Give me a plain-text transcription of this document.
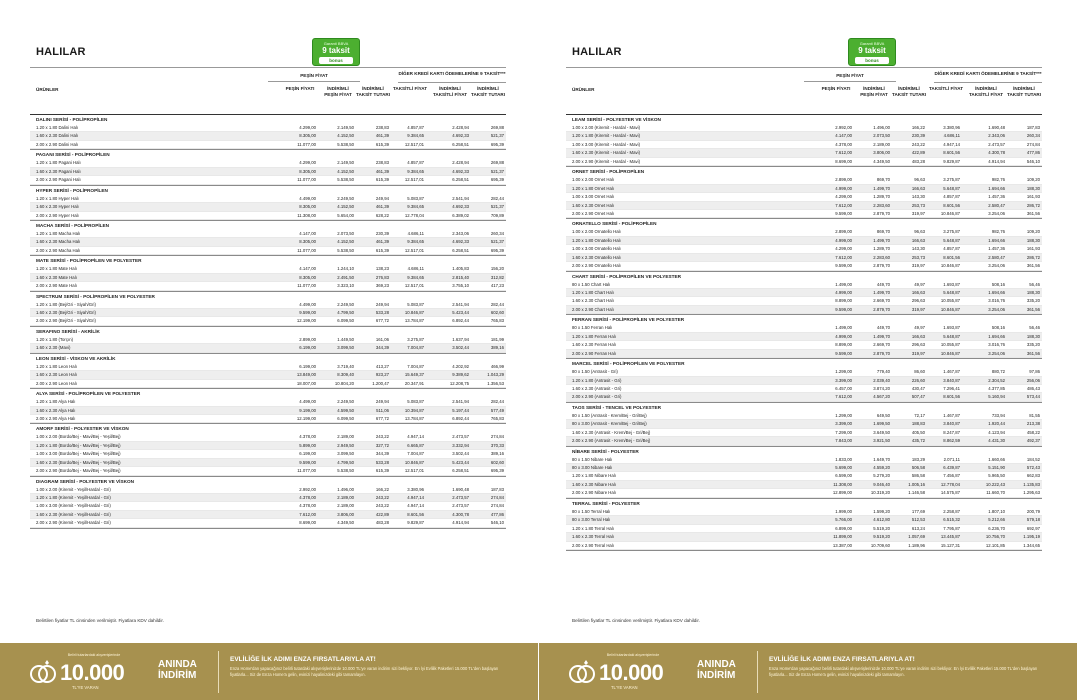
HALILAR
Garanti BBVA
9 taksit
bonus
ÜRÜNLER
PEŞİN FİYAT	DİĞER KREDİ KARTI ÖDEMELERİNE 9 TAKSİT***
PEŞİN FİYATI	İNDİRİMLİ PEŞİN FİYAT
İNDİRİMLİ TAKSİT TUTARI
TAKSİTLİ FİYAT	İNDİRİMLİ TAKSİTLİ FİYAT
İNDİRİMLİ TAKSİT TUTARI
DALINI SERİSİ - POLİPROPİLEN
1.20 x 1.80 Dalini Halı	4.299,00	2.149,50	238,83	4.857,87	2.428,94	269,88
1.60 x 2.30 Dalini Halı	8.305,00	4.152,50	461,39	9.384,65	4.692,33	521,37
2.00 x 2.90 Dalini Halı	11.077,00	5.538,50	615,39	12.517,01	6.258,51	695,39
PAGANI SERİSİ - POLİPROPİLEN
1.20 x 1.80 Pagani Halı	4.299,00	2.149,50	238,83	4.857,87	2.428,94	269,88
1.60 x 2.30 Pagani Halı	8.305,00	4.152,50	461,39	9.384,65	4.692,33	521,37
2.00 x 2.90 Pagani Halı	11.077,00	5.538,50	615,39	12.517,01	6.258,51	695,39
HYPER SERİSİ - POLİPROPİLEN
1.20 x 1.80 Hyper Halı	4.499,00	2.249,50	249,94	5.083,87	2.541,94	282,44
1.60 x 2.30 Hyper Halı	8.305,00	4.152,50	461,39	9.384,65	4.692,33	521,37
2.00 x 2.90 Hyper Halı	11.308,00	5.654,00	628,22	12.778,04	6.389,02	709,89
MACHA SERİSİ - POLİPROPİLEN
1.20 x 1.80 Macha Halı	4.147,00	2.073,50	230,39	4.686,11	2.343,06	260,34
1.60 x 2.30 Macha Halı	8.305,00	4.152,50	461,39	9.384,65	4.692,33	521,37
2.00 x 2.90 Macha Halı	11.077,00	5.538,50	615,39	12.517,01	6.258,51	695,39
MATE SERİSİ - POLİPROPİLEN VE POLYESTER
1.20 x 1.80 Mate Halı	4.147,00	1.244,10	138,23	4.686,11	1.405,83	156,20
1.60 x 2.30 Mate Halı	8.305,00	2.491,50	276,83	9.384,65	2.815,40	312,82
2.00 x 2.90 Mate Halı	11.077,00	3.323,10	369,23	12.517,01	3.755,10	417,23
SPECTRUM SERİSİ - POLİPROPİLEN VE POLYESTER
1.20 x 1.80 (Bej/Gri - Siyah/Gri)	4.499,00	2.249,50	249,94	5.083,87	2.541,94	282,44
1.60 x 2.30 (Bej/Gri - Siyah/Gri)	9.599,00	4.799,50	533,28	10.846,87	5.423,44	602,60
2.00 x 2.90 (Bej/Gri - Siyah/Gri)	12.199,00	6.099,50	677,72	13.784,87	6.892,44	765,83
SERAFINO SERİSİ - AKRİLİK
1.20 x 1.80 (Torçın)	2.899,00	1.449,50	161,06	3.275,87	1.637,94	181,99
1.60 x 2.30 (Mavi)	6.199,00	3.099,50	344,39	7.004,87	3.502,44	389,16
LEON SERİSİ - VİSKON VE AKRİLİK
1.20 x 1.80 Leon Halı	6.199,00	3.719,40	413,27	7.004,87	4.202,92	466,99
1.60 x 2.30 Leon Halı	13.849,00	8.309,40	923,27	15.649,37	9.389,62	1.043,29
2.00 x 2.90 Leon Halı	18.007,00	10.804,20	1.200,47	20.347,91	12.208,75	1.356,53
ALYA SERİSİ - POLİPROPİLEN VE POLYESTER
1.20 x 1.80 Alya Halı	4.499,00	2.249,50	249,94	5.083,87	2.541,94	282,44
1.60 x 2.30 Alya Halı	9.199,00	4.599,50	511,06	10.394,87	5.197,44	577,49
2.00 x 2.90 Alya Halı	12.199,00	6.099,50	677,72	13.784,87	6.892,44	765,83
AMORF SERİSİ - POLYESTER VE VİSKON
1.00 x 2.00 (Bordo/Bej - Mavi/Bej - Yeşil/Bej)	4.378,00	2.189,00	243,22	4.947,14	2.473,57	274,84
1.20 x 1.80 (Bordo/Bej - Mavi/Bej - Yeşil/Bej)	5.899,00	2.949,50	327,72	6.665,87	3.332,94	370,33
1.00 x 3.00 (Bordo/Bej - Mavi/Bej - Yeşil/Bej)	6.199,00	3.099,50	344,39	7.004,87	3.502,44	389,16
1.60 x 2.30 (Bordo/Bej - Mavi/Bej - Yeşil/Bej)	9.599,00	4.799,50	533,28	10.846,87	5.423,44	602,60
2.00 x 2.90 (Bordo/Bej - Mavi/Bej - Yeşil/Bej)	11.077,00	5.538,50	615,39	12.517,01	6.258,51	695,39
DIAGRAM SERİSİ - POLYESTER VE VİSKON
1.00 x 2.00 (Kiremit - Yeşil/Hardal - Gri)	2.992,00	1.496,00	166,22	3.380,96	1.690,48	187,83
1.20 x 1.80 (Kiremit - Yeşil/Hardal - Gri)	4.378,00	2.189,00	243,22	4.947,14	2.473,57	274,84
1.00 x 3.00 (Kiremit - Yeşil/Hardal - Gri)	4.378,00	2.189,00	243,22	4.947,14	2.473,57	274,84
1.60 x 2.30 (Kiremit - Yeşil/Hardal - Gri)	7.612,00	3.806,00	422,89	8.601,56	4.300,78	477,86
2.00 x 2.90 (Kiremit - Yeşil/Hardal - Gri)	8.699,00	4.349,50	483,28	9.829,87	4.914,94	546,10
Belirtilen fiyatlar TL cinsinden verilmiştir. Fiyatlara KDV dahildir.
HALILAR
Garanti BBVA
9 taksit
bonus
ÜRÜNLER
PEŞİN FİYAT	DİĞER KREDİ KARTI ÖDEMELERİNE 9 TAKSİT***
PEŞİN FİYATI	İNDİRİMLİ PEŞİN FİYAT
İNDİRİMLİ TAKSİT TUTARI
TAKSİTLİ FİYAT	İNDİRİMLİ TAKSİTLİ FİYAT
İNDİRİMLİ TAKSİT TUTARI
LEAM SERİSİ - POLYESTER VE VİSKON
1.00 x 2.00 (Kiremit - Hardal - Mavi)	2.992,00	1.496,00	166,22	3.380,96	1.690,48	187,83
1.20 x 1.80 (Kiremit - Hardal - Mavi)	4.147,00	2.073,50	230,39	4.686,11	2.343,06	260,34
1.00 x 3.00 (Kiremit - Hardal - Mavi)	4.378,00	2.189,00	243,22	4.947,14	2.473,57	274,84
1.60 x 2.30 (Kiremit - Hardal - Mavi)	7.612,00	3.806,00	422,89	8.601,56	4.300,78	477,86
2.00 x 2.90 (Kiremit - Hardal - Mavi)	8.699,00	4.349,50	483,28	9.829,87	4.914,94	546,10
ORNET SERİSİ - POLİPROPİLEN
1.00 x 2.00 Ornet Halı	2.899,00	869,70	96,63	3.275,87	982,76	109,20
1.20 x 1.80 Ornet Halı	4.999,00	1.499,70	166,63	5.648,87	1.694,66	188,30
1.00 x 3.00 Ornet Halı	4.299,00	1.289,70	143,30	4.857,87	1.457,36	161,93
1.60 x 2.30 Ornet Halı	7.612,00	2.283,60	253,73	8.601,56	2.580,47	286,72
2.00 x 2.90 Ornet Halı	9.599,00	2.879,70	319,97	10.846,87	3.254,06	361,56
ORNATELLO SERİSİ - POLİPROPİLEN
1.00 x 2.00 Ornatello Halı	2.899,00	869,70	96,63	3.275,87	982,76	109,20
1.20 x 1.80 Ornatello Halı	4.999,00	1.499,70	166,63	5.648,87	1.694,66	188,30
1.00 x 3.00 Ornatello Halı	4.299,00	1.289,70	143,30	4.857,87	1.457,36	161,93
1.60 x 2.30 Ornatello Halı	7.612,00	2.283,60	253,73	8.601,56	2.580,47	286,72
2.00 x 2.90 Ornatello Halı	9.599,00	2.879,70	319,97	10.846,87	3.254,06	361,56
CHART SERİSİ - POLİPROPİLEN VE POLYESTER
80 x 1.50 Chart Halı	1.499,00	449,70	49,97	1.693,87	508,16	56,46
1.20 x 1.80 Chart Halı	4.999,00	1.499,70	166,63	5.648,87	1.694,66	188,30
1.60 x 2.30 Chart Halı	8.899,00	2.669,70	296,63	10.055,87	3.016,76	335,20
2.00 x 2.90 Chart Halı	9.599,00	2.879,70	319,97	10.846,87	3.254,06	361,56
FERRAN SERİSİ - POLİPROPİLEN VE POLYESTER
80 x 1.50 Ferran Halı	1.499,00	449,70	49,97	1.693,87	508,16	56,46
1.20 x 1.80 Ferran Halı	4.999,00	1.499,70	166,63	5.648,87	1.694,66	188,30
1.60 x 2.30 Ferran Halı	8.899,00	2.669,70	296,63	10.055,87	3.016,76	335,20
2.00 x 2.90 Ferran Halı	9.599,00	2.879,70	319,97	10.846,87	3.254,06	361,56
MARCEL SERİSİ - POLİPROPİLEN VE POLYESTER
80 x 1.50 (Antrasit - Gri)	1.299,00	779,40	86,60	1.467,87	880,72	97,86
1.20 x 1.80 (Antrasit - Gri)	3.399,00	2.039,40	226,60	3.840,87	2.304,52	256,06
1.60 x 2.30 (Antrasit - Gri)	6.457,00	3.874,20	430,47	7.296,41	4.377,85	486,43
2.00 x 2.90 (Antrasit - Gri)	7.612,00	4.567,20	507,47	8.601,56	5.160,94	573,44
TAOS SERİSİ - TENCEL VE POLYESTER
80 x 1.50 (Antrasit - Krem/Bej - Gri/Bej)	1.299,00	649,50	72,17	1.467,87	733,94	81,55
80 x 3.00 (Antrasit - Krem/Bej - Gri/Bej)	3.399,00	1.699,50	188,83	3.840,87	1.920,44	213,38
1.60 x 2.30 (Antrasit - Krem/Bej - Gri/Bej)	7.299,00	3.649,50	405,50	8.247,87	4.123,94	458,22
2.00 x 2.90 (Antrasit - Krem/Bej - Gri/Bej)	7.843,00	3.921,50	435,72	8.862,59	4.431,30	492,37
NİBARE SERİSİ - POLYESTER
80 x 1.50 Nibare Halı	1.833,00	1.649,70	183,29	2.071,11	1.660,66	184,52
80 x 3.00 Nibare Halı	5.699,00	4.559,20	506,58	6.439,87	5.151,90	572,43
1.20 x 1.80 Nibare Halı	6.599,00	5.279,20	586,58	7.456,87	5.965,50	662,83
1.60 x 2.30 Nibare Halı	11.308,00	9.046,40	1.005,16	12.778,04	10.222,43	1.135,83
2.00 x 2.90 Nibare Halı	12.899,00	10.319,20	1.146,58	14.575,87	11.660,70	1.295,63
TERRAL SERİSİ - POLYESTER
80 x 1.50 Terral Halı	1.999,00	1.599,20	177,69	2.258,87	1.807,10	200,79
80 x 3.00 Terral Halı	5.766,00	4.612,80	512,53	6.515,32	5.212,66	579,18
1.20 x 1.80 Terral Halı	6.899,00	5.519,20	613,24	7.795,87	6.236,70	692,97
1.60 x 2.30 Terral Halı	11.899,00	9.519,20	1.057,69	13.445,87	10.756,70	1.195,19
2.00 x 2.90 Terral Halı	13.387,00	10.709,60	1.189,96	15.127,31	12.101,85	1.344,65
Belirtilen fiyatlar TL cinsinden verilmiştir. Fiyatlara KDV dahildir.
Belirli tutarlardaki alışverişlerinde
10.000
TL'YE VARAN
ANINDA
İNDİRİM
EVLİLİĞE İLK ADIMI ENZA FIRSATLARIYLA AT!
Enza Home'dan yapacağınız belirli tutardaki alışverişlerinizde 10.000 TL'ye varan indirim sizi bekliyor. En İyi Evlilik Paketleri 15.000 TL'den başlayan fiyatlarla... Siz de Enza Home'a gelin, evinizi hayalinizdeki gibi tamamlayın.
Belirli tutarlardaki alışverişlerinde
10.000
TL'YE VARAN
ANINDA
İNDİRİM
EVLİLİĞE İLK ADIMI ENZA FIRSATLARIYLA AT!
Enza Home'dan yapacağınız belirli tutardaki alışverişlerinizde 10.000 TL'ye varan indirim sizi bekliyor. En İyi Evlilik Paketleri 15.000 TL'den başlayan fiyatlarla... Siz de Enza Home'a gelin, evinizi hayalinizdeki gibi tamamlayın.
